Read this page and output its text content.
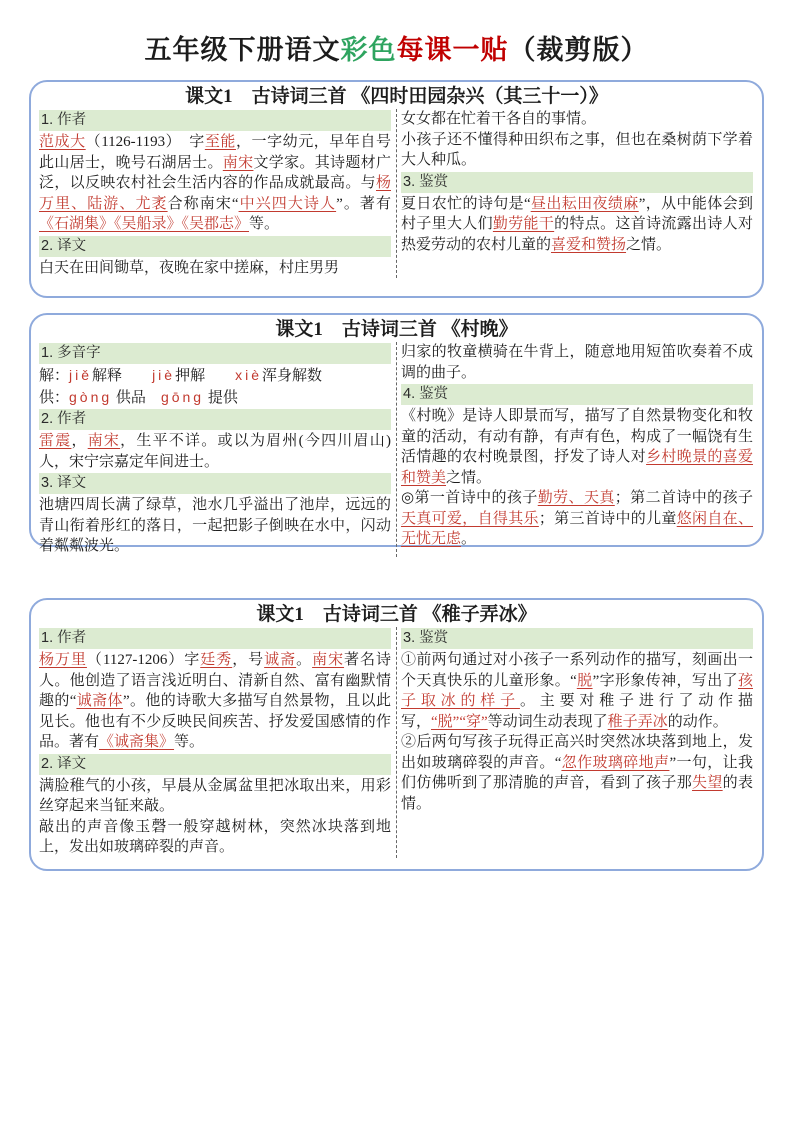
五年级下册语文彩色每课一贴（裁剪版）
课文1　古诗词三首 《四时田园杂兴（其三十一）》
1. 作者

范成大（1126-1193）　字至能，一字幼元，早年自号此山居士，晚号石湖居士。南宋文学家。其诗题材广泛，以反映农村社会生活内容的作品成就最高。与杨万里、陆游、尤袤合称南宋“中兴四大诗人”。著有《石湖集》《吴船录》《吴郡志》等。

2. 译文

白天在田间锄草，夜晚在家中搓麻，村庄男男

女女都在忙着干各自的事情。

小孩子还不懂得种田织布之事，但也在桑树荫下学着大人种瓜。

3. 鉴赏

夏日农忙的诗句是“昼出耘田夜绩麻”，从中能体会到村子里大人们勤劳能干的特点。这首诗流露出诗人对热爱劳动的农村儿童的喜爱和赞扬之情。

课文1　古诗词三首 《村晚》
1. 多音字

解：jiě解释　　 jiè押解　　 xiè浑身解数

供：gòng 供品　 gōng 提供

2. 作者

雷震，南宋，生平不详。或以为眉州(今四川眉山)人，宋宁宗嘉定年间进士。

3. 译文

池塘四周长满了绿草，池水几乎溢出了池岸，远远的青山衔着彤红的落日，一起把影子倒映在水中，闪动着粼粼波光。

归家的牧童横骑在牛背上，随意地用短笛吹奏着不成调的曲子。

4. 鉴赏

《村晚》是诗人即景而写，描写了自然景物变化和牧童的活动，有动有静，有声有色，构成了一幅饶有生活情趣的农村晚景图，抒发了诗人对乡村晚景的喜爱和赞美之情。

◎第一首诗中的孩子勤劳、天真；第二首诗中的孩子天真可爱，自得其乐；第三首诗中的儿童悠闲自在、无忧无虑。

课文1　古诗词三首 《稚子弄冰》
1. 作者

杨万里（1127-1206）字廷秀，号诚斋。南宋著名诗人。他创造了语言浅近明白、清新自然、富有幽默情趣的“诚斋体”。他的诗歌大多描写自然景物，且以此见长。他也有不少反映民间疾苦、抒发爱国感情的作品。著有《诚斋集》等。

2. 译文

满脸稚气的小孩，早晨从金属盆里把冰取出来，用彩丝穿起来当钲来敲。

敲出的声音像玉磬一般穿越树林，突然冰块落到地上，发出如玻璃碎裂的声音。

3. 鉴赏

①前两句通过对小孩子一系列动作的描写，刻画出一个天真快乐的儿童形象。“脱”字形象传神，写出了孩子取冰的样子。主要对稚子进行了动作描写，“脱”“穿”等动词生动表现了稚子弄冰的动作。

②后两句写孩子玩得正高兴时突然冰块落到地上，发出如玻璃碎裂的声音。“忽作玻璃碎地声”一句，让我们仿佛听到了那清脆的声音，看到了孩子那失望的表情。
